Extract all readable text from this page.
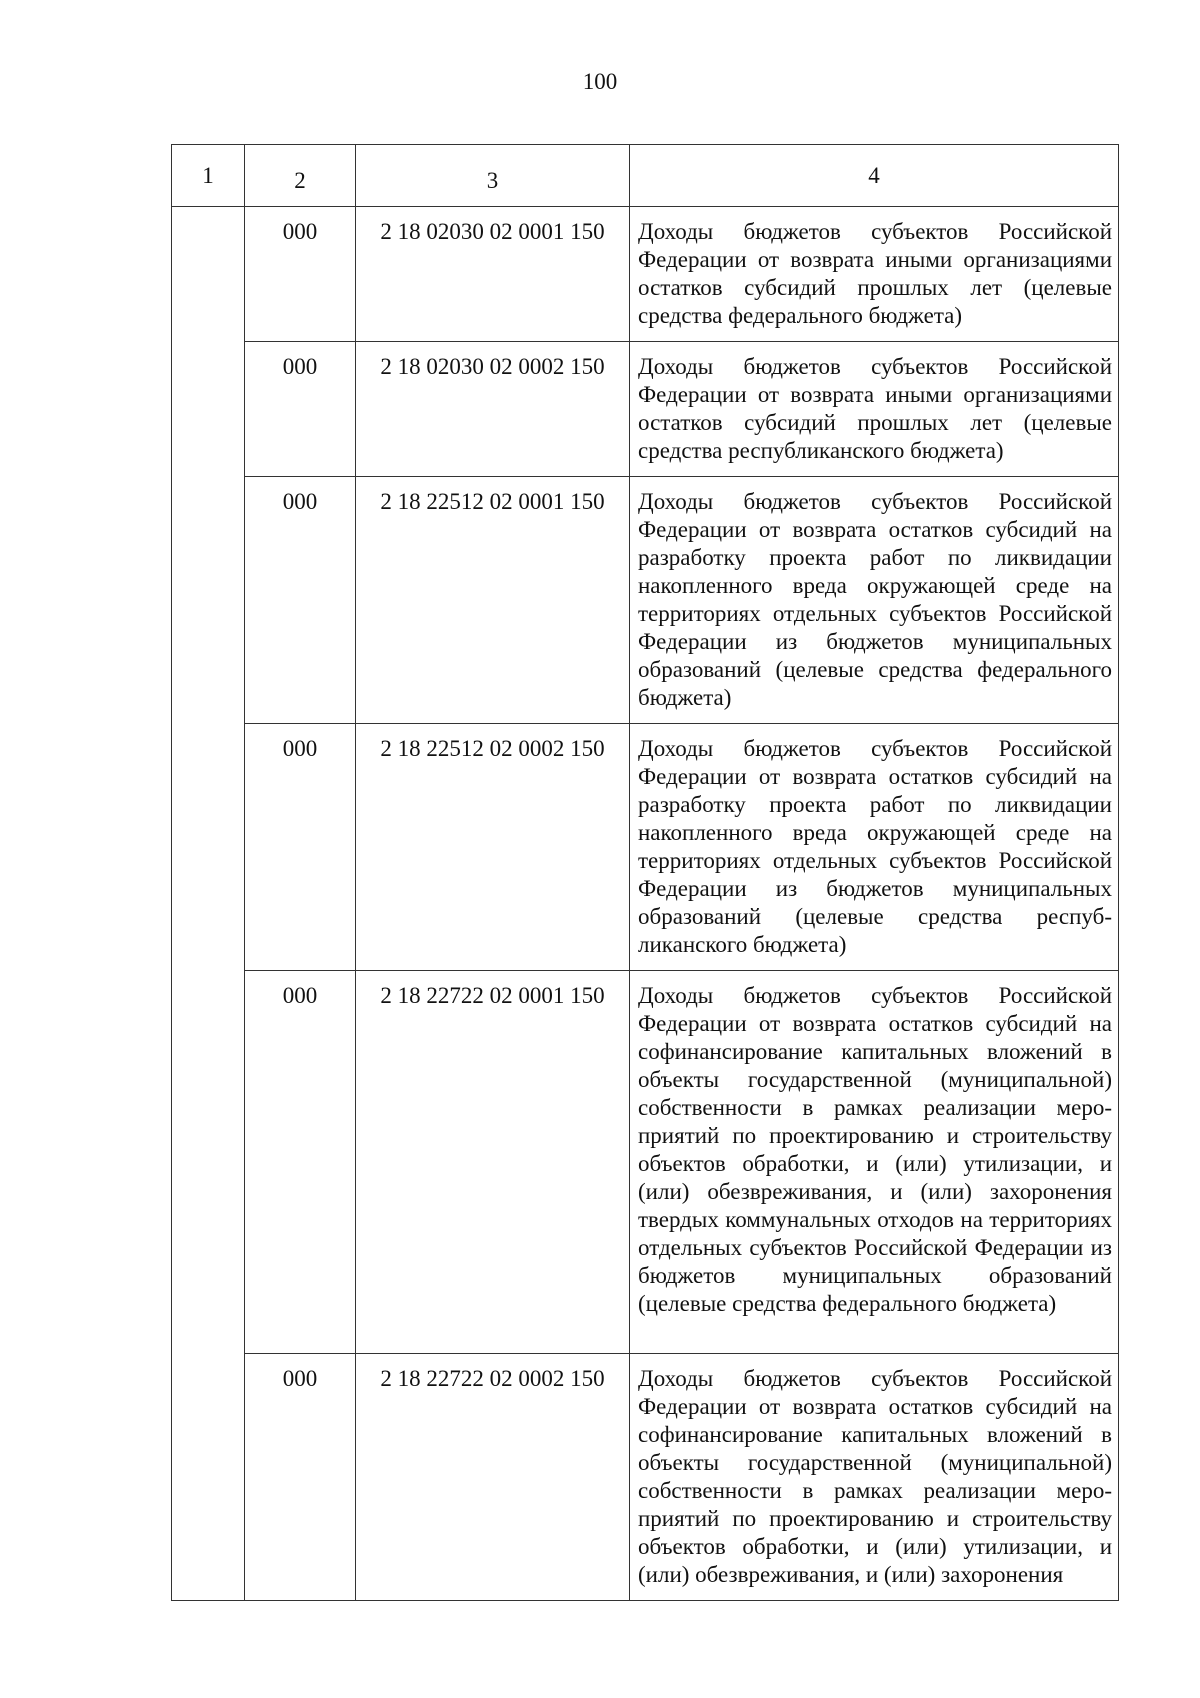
100
1	2	3	4

	000	2 18 02030 02 0001 150	Доходы бюджетов субъектов Российской Федерации от возврата иными организациями остатков субсидий прошлых лет (целевые средства федерального бюджета)

	000	2 18 02030 02 0002 150	Доходы бюджетов субъектов Российской Федерации от возврата иными организациями остатков субсидий прошлых лет (целевые средства республиканского бюджета)

	000	2 18 22512 02 0001 150	Доходы бюджетов субъектов Российской Федерации от возврата остатков субсидий на разработку проекта работ по ликвидации накопленного вреда окружающей среде на территориях отдельных субъектов Российской Федерации из бюджетов муниципальных образований (целевые средства федерального бюджета)

	000	2 18 22512 02 0002 150	Доходы бюджетов субъектов Российской Федерации от возврата остатков субсидий на разработку проекта работ по ликвидации накопленного вреда окружающей среде на территориях отдельных субъектов Российской Федерации из бюджетов муниципальных образований (целевые средства республиканского бюджета)

	000	2 18 22722 02 0001 150	Доходы бюджетов субъектов Российской Федерации от возврата остатков субсидий на софинансирование капитальных вложений в объекты государственной (муниципальной) собственности в рамках реализации мероприятий по проектированию и строительству объектов обработки, и (или) утилизации, и (или) обезвреживания, и (или) захоронения твердых коммунальных отходов на территориях отдельных субъектов Российской Федерации из бюджетов муниципальных образований (целевые средства федерального бюджета)

	000	2 18 22722 02 0002 150	Доходы бюджетов субъектов Российской Федерации от возврата остатков субсидий на софинансирование капитальных вложений в объекты государственной (муниципальной) собственности в рамках реализации мероприятий по проектированию и строительству объектов обработки, и (или) утилизации, и (или) обезвреживания, и (или) захоронения
